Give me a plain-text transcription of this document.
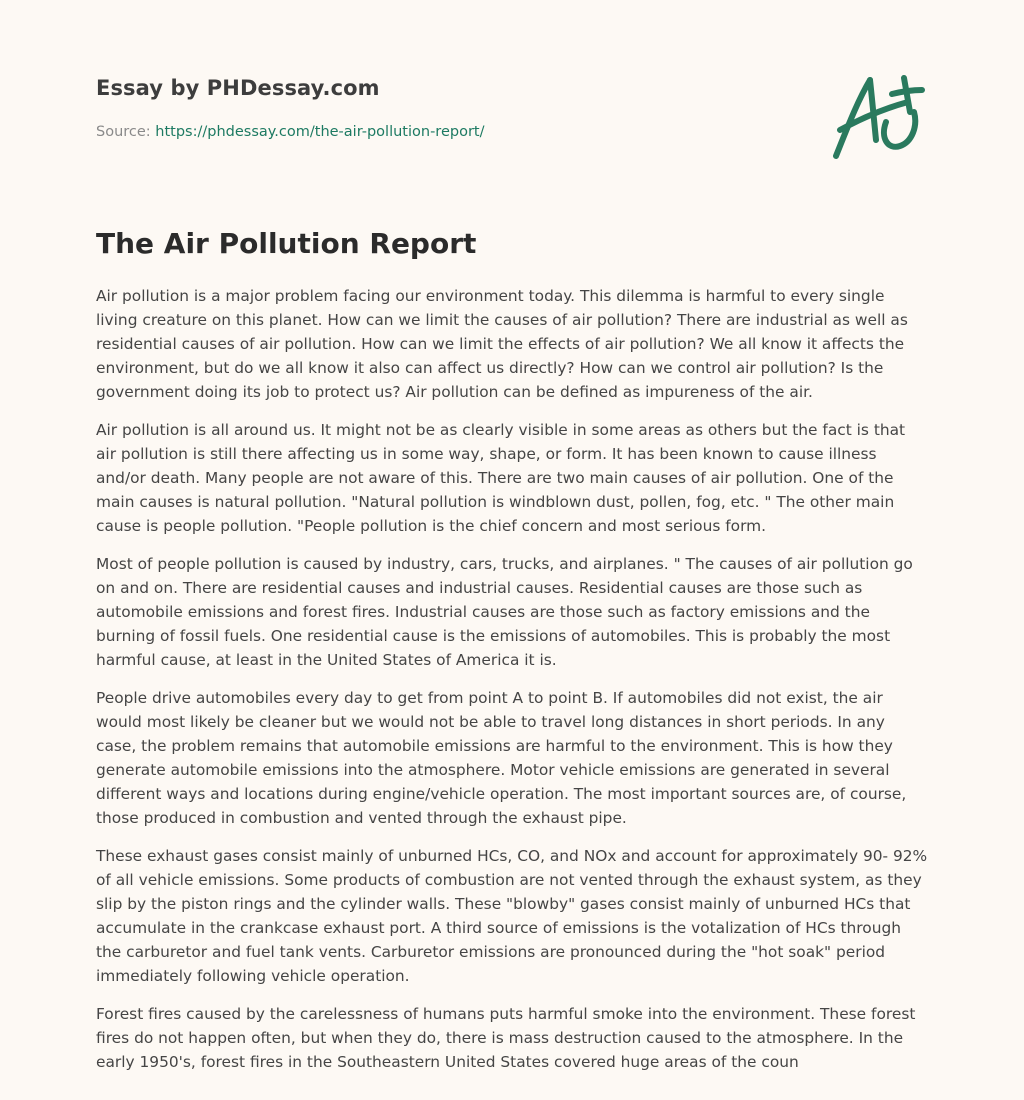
Essay by PHDessay.com
Source: https://phdessay.com/the-air-pollution-report/
The Air Pollution Report

Air pollution is a major problem facing our environment today. This dilemma is harmful to every single living creature on this planet. How can we limit the causes of air pollution? There are industrial as well as residential causes of air pollution. How can we limit the effects of air pollution? We all know it affects the environment, but do we all know it also can affect us directly? How can we control air pollution? Is the government doing its job to protect us? Air pollution can be defined as impureness of the air.

Air pollution is all around us. It might not be as clearly visible in some areas as others but the fact is that air pollution is still there affecting us in some way, shape, or form. It has been known to cause illness and/or death. Many people are not aware of this. There are two main causes of air pollution. One of the main causes is natural pollution. "Natural pollution is windblown dust, pollen, fog, etc. " The other main cause is people pollution. "People pollution is the chief concern and most serious form.

Most of people pollution is caused by industry, cars, trucks, and airplanes. " The causes of air pollution go on and on. There are residential causes and industrial causes. Residential causes are those such as automobile emissions and forest fires. Industrial causes are those such as factory emissions and the burning of fossil fuels. One residential cause is the emissions of automobiles. This is probably the most harmful cause, at least in the United States of America it is.

People drive automobiles every day to get from point A to point B. If automobiles did not exist, the air would most likely be cleaner but we would not be able to travel long distances in short periods. In any case, the problem remains that automobile emissions are harmful to the environment. This is how they generate automobile emissions into the atmosphere. Motor vehicle emissions are generated in several different ways and locations during engine/vehicle operation. The most important sources are, of course, those produced in combustion and vented through the exhaust pipe.

These exhaust gases consist mainly of unburned HCs, CO, and NOx and account for approximately 90- 92% of all vehicle emissions. Some products of combustion are not vented through the exhaust system, as they slip by the piston rings and the cylinder walls. These "blowby" gases consist mainly of unburned HCs that accumulate in the crankcase exhaust port. A third source of emissions is the votalization of HCs through the carburetor and fuel tank vents. Carburetor emissions are pronounced during the "hot soak" period immediately following vehicle operation.

Forest fires caused by the carelessness of humans puts harmful smoke into the environment. These forest fires do not happen often, but when they do, there is mass destruction caused to the atmosphere. In the early 1950's, forest fires in the Southeastern United States covered huge areas of the coun
